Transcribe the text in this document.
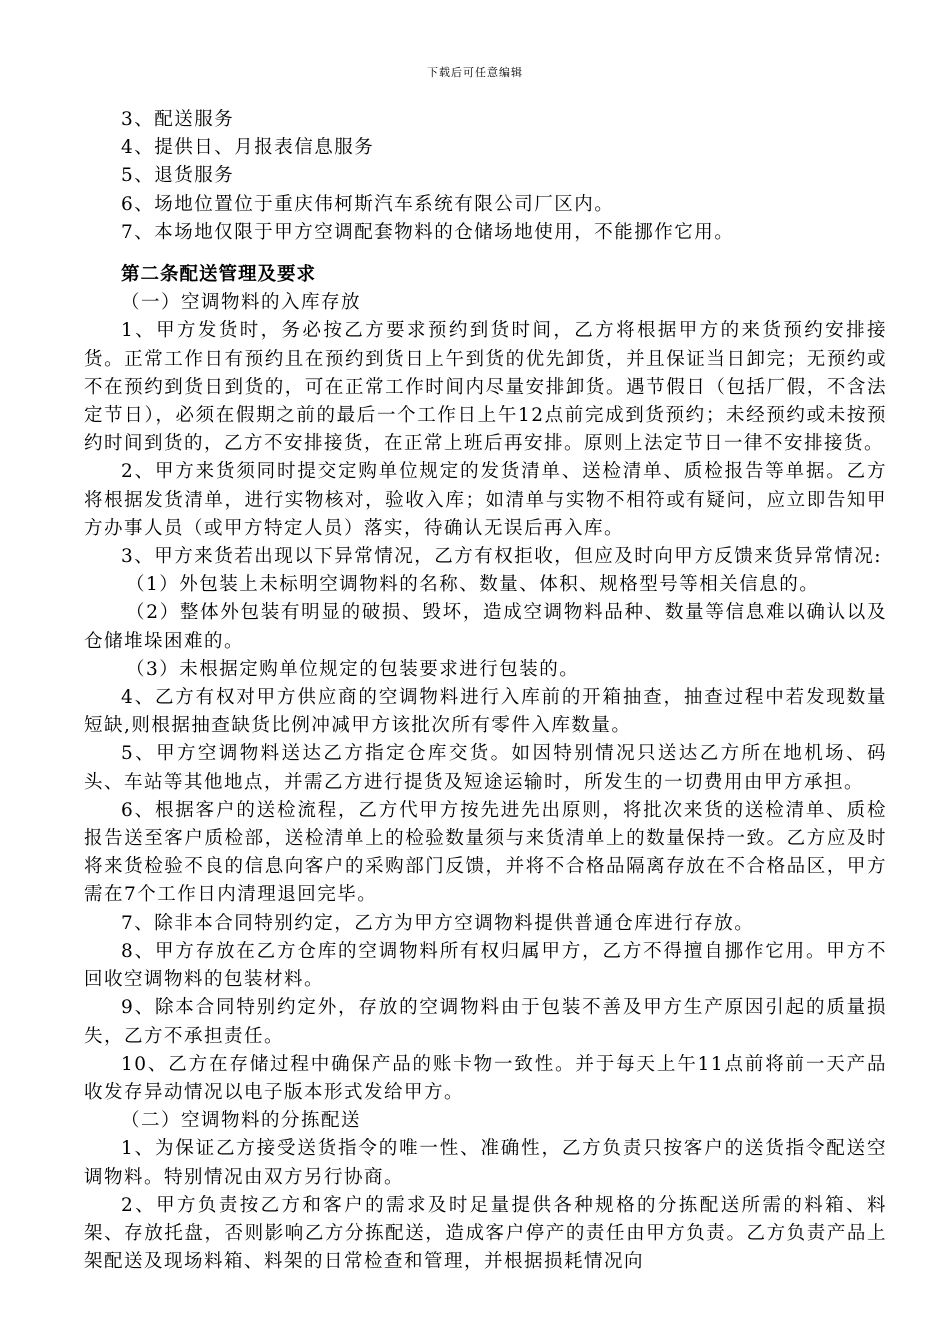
下载后可任意编辑

3、配送服务

4、提供日、月报表信息服务

5、退货服务

6、场地位置位于重庆伟柯斯汽车系统有限公司厂区内。

7、本场地仅限于甲方空调配套物料的仓储场地使用，不能挪作它用。

第二条配送管理及要求

（一）空调物料的入库存放

1、甲方发货时，务必按乙方要求预约到货时间，乙方将根据甲方的来货预约安排接货。正常工作日有预约且在预约到货日上午到货的优先卸货，并且保证当日卸完；无预约或不在预约到货日到货的，可在正常工作时间内尽量安排卸货。遇节假日（包括厂假，不含法定节日），必须在假期之前的最后一个工作日上午12点前完成到货预约；未经预约或未按预约时间到货的，乙方不安排接货，在正常上班后再安排。原则上法定节日一律不安排接货。

2、甲方来货须同时提交定购单位规定的发货清单、送检清单、质检报告等单据。乙方将根据发货清单，进行实物核对，验收入库；如清单与实物不相符或有疑问，应立即告知甲方办事人员（或甲方特定人员）落实，待确认无误后再入库。

3、甲方来货若出现以下异常情况，乙方有权拒收，但应及时向甲方反馈来货异常情况:

（1）外包装上未标明空调物料的名称、数量、体积、规格型号等相关信息的。

（2）整体外包装有明显的破损、毁坏，造成空调物料品种、数量等信息难以确认以及仓储堆垛困难的。

（3）未根据定购单位规定的包装要求进行包装的。

4、乙方有权对甲方供应商的空调物料进行入库前的开箱抽查，抽查过程中若发现数量短缺,则根据抽查缺货比例冲减甲方该批次所有零件入库数量。

5、甲方空调物料送达乙方指定仓库交货。如因特别情况只送达乙方所在地机场、码头、车站等其他地点，并需乙方进行提货及短途运输时，所发生的一切费用由甲方承担。

6、根据客户的送检流程，乙方代甲方按先进先出原则，将批次来货的送检清单、质检报告送至客户质检部，送检清单上的检验数量须与来货清单上的数量保持一致。乙方应及时将来货检验不良的信息向客户的采购部门反馈，并将不合格品隔离存放在不合格品区，甲方需在7个工作日内清理退回完毕。

7、除非本合同特别约定，乙方为甲方空调物料提供普通仓库进行存放。

8、甲方存放在乙方仓库的空调物料所有权归属甲方，乙方不得擅自挪作它用。甲方不回收空调物料的包装材料。

9、除本合同特别约定外，存放的空调物料由于包装不善及甲方生产原因引起的质量损失，乙方不承担责任。

10、乙方在存储过程中确保产品的账卡物一致性。并于每天上午11点前将前一天产品收发存异动情况以电子版本形式发给甲方。

（二）空调物料的分拣配送

1、为保证乙方接受送货指令的唯一性、准确性，乙方负责只按客户的送货指令配送空调物料。特别情况由双方另行协商。

2、甲方负责按乙方和客户的需求及时足量提供各种规格的分拣配送所需的料箱、料架、存放托盘，否则影响乙方分拣配送，造成客户停产的责任由甲方负责。乙方负责产品上架配送及现场料箱、料架的日常检查和管理，并根据损耗情况向
